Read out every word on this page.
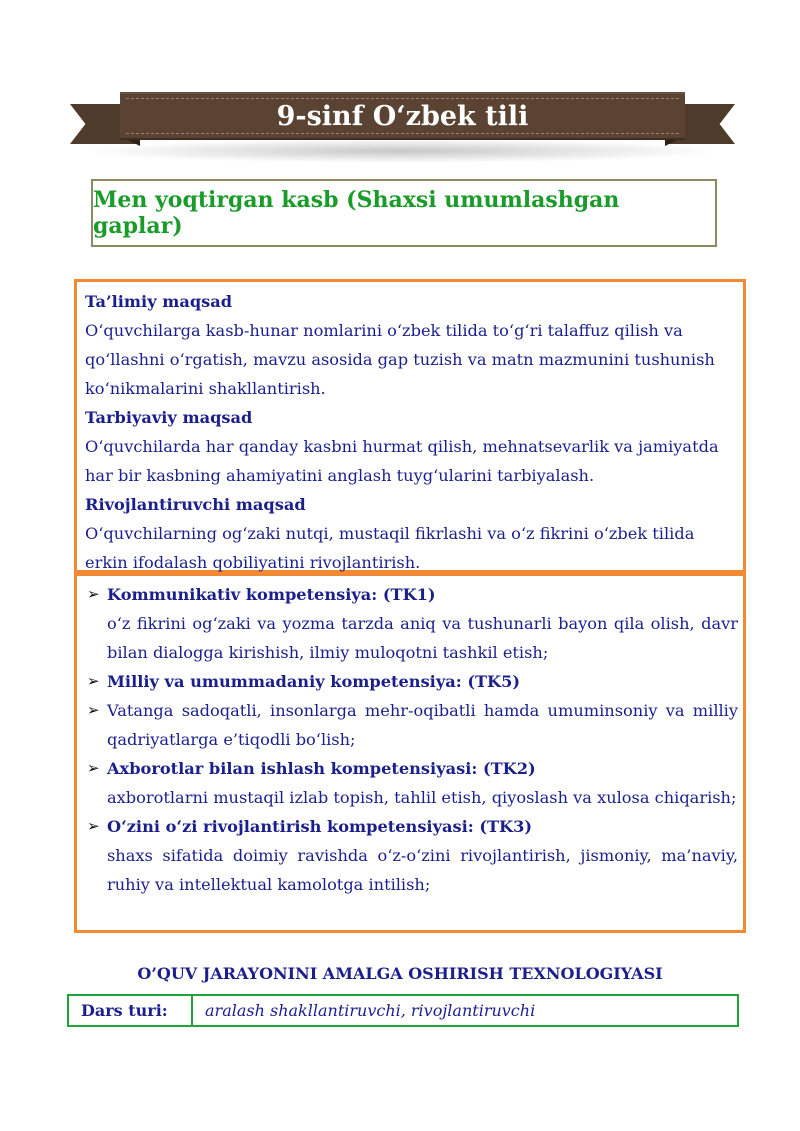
9-sinf O‘zbek tili
Men yoqtirgan kasb (Shaxsi umumlashgan gaplar)

Ta’limiy maqsad

O‘quvchilarga kasb-hunar nomlarini o‘zbek tilida to‘g‘ri talaffuz qilish va qo‘llashni o‘rgatish, mavzu asosida gap tuzish va matn mazmunini tushunish ko‘nikmalarini shakllantirish.

Tarbiyaviy maqsad

O‘quvchilarda har qanday kasbni hurmat qilish, mehnatsevarlik va jamiyatda har bir kasbning ahamiyatini anglash tuyg‘ularini tarbiyalash.

Rivojlantiruvchi maqsad

O‘quvchilarning og‘zaki nutqi, mustaqil fikrlashi va o‘z fikrini o‘zbek tilida erkin ifodalash qobiliyatini rivojlantirish.

➢ Kommunikativ kompetensiya: (TK1)
o‘z fikrini og‘zaki va yozma tarzda aniq va tushunarli bayon qila olish, davr bilan dialogga kirishish, ilmiy muloqotni tashkil etish;
➢ Milliy va umummadaniy kompetensiya: (TK5)
➢ Vatanga sadoqatli, insonlarga mehr-oqibatli hamda umuminsoniy va milliy qadriyatlarga e’tiqodli bo‘lish;
➢ Axborotlar bilan ishlash kompetensiyasi: (TK2)
axborotlarni mustaqil izlab topish, tahlil etish, qiyoslash va xulosa chiqarish;
➢ O‘zini o‘zi rivojlantirish kompetensiyasi: (TK3)
shaxs sifatida doimiy ravishda o‘z-o‘zini rivojlantirish, jismoniy, ma’naviy, ruhiy va intellektual kamolotga intilish;
O’QUV JARAYONINI AMALGA OSHIRISH TEXNOLOGIYASI
Dars turi:	aralash shakllantiruvchi, rivojlantiruvchi
